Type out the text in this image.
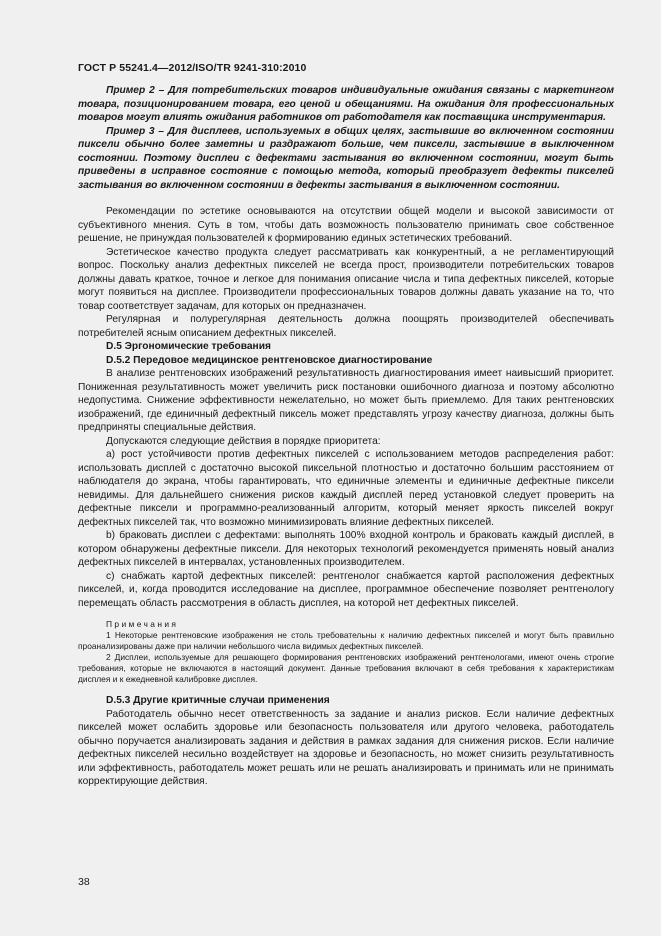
ГОСТ Р 55241.4—2012/ISO/TR 9241-310:2010

Пример 2 – Для потребительских товаров индивидуальные ожидания связаны с маркетингом товара, позиционированием товара, его ценой и обещаниями. На ожидания для профессиональных товаров могут влиять ожидания работников от работодателя как поставщика инструментария.

Пример 3 – Для дисплеев, используемых в общих целях, застывшие во включенном состоянии пиксели обычно более заметны и раздражают больше, чем пиксели, застывшие в выключенном состоянии. Поэтому дисплеи с дефектами застывания во включенном состоянии, могут быть приведены в исправное состояние с помощью метода, который преобразует дефекты пикселей застывания во включенном состоянии в дефекты застывания в выключенном состоянии.

Рекомендации по эстетике основываются на отсутствии общей модели и высокой зависимости от субъективного мнения. Суть в том, чтобы дать возможность пользователю принимать свое собственное решение, не принуждая пользователей к формированию единых эстетических требований.

Эстетическое качество продукта следует рассматривать как конкурентный, а не регламентирующий вопрос. Поскольку анализ дефектных пикселей не всегда прост, производители потребительских товаров должны давать краткое, точное и легкое для понимания описание числа и типа дефектных пикселей, которые могут появиться на дисплее. Производители профессиональных товаров должны давать указание на то, что товар соответствует задачам, для которых он предназначен.

Регулярная и полурегулярная деятельность должна поощрять производителей обеспечивать потребителей ясным описанием дефектных пикселей.

D.5 Эргономические требования

D.5.2 Передовое медицинское рентгеновское диагностирование

В анализе рентгеновских изображений результативность диагностирования имеет наивысший приоритет. Пониженная результативность может увеличить риск постановки ошибочного диагноза и поэтому абсолютно недопустима. Снижение эффективности нежелательно, но может быть приемлемо. Для таких рентгеновских изображений, где единичный дефектный пиксель может представлять угрозу качеству диагноза, должны быть предприняты специальные действия.

Допускаются следующие действия в порядке приоритета:

a) рост устойчивости против дефектных пикселей с использованием методов распределения работ: использовать дисплей с достаточно высокой пиксельной плотностью и достаточно большим расстоянием от наблюдателя до экрана, чтобы гарантировать, что единичные элементы и единичные дефектные пиксели невидимы. Для дальнейшего снижения рисков каждый дисплей перед установкой следует проверить на дефектные пиксели и программно-реализованный алгоритм, который меняет яркость пикселей вокруг дефектных пикселей так, что возможно минимизировать влияние дефектных пикселей.

b) браковать дисплеи с дефектами: выполнять 100% входной контроль и браковать каждый дисплей, в котором обнаружены дефектные пиксели. Для некоторых технологий рекомендуется применять новый анализ дефектных пикселей в интервалах, установленных производителем.

c) снабжать картой дефектных пикселей: рентгенолог снабжается картой расположения дефектных пикселей, и, когда проводится исследование на дисплее, программное обеспечение позволяет рентгенологу перемещать область рассмотрения в область дисплея, на которой нет дефектных пикселей.

Примечания

1 Некоторые рентгеновские изображения не столь требовательны к наличию дефектных пикселей и могут быть правильно проанализированы даже при наличии небольшого числа видимых дефектных пикселей.

2 Дисплеи, используемые для решающего формирования рентгеновских изображений рентгенологами, имеют очень строгие требования, которые не включаются в настоящий документ. Данные требования включают в себя требования к характеристикам дисплея и к ежедневной калибровке дисплея.

D.5.3 Другие критичные случаи применения

Работодатель обычно несет ответственность за задание и анализ рисков. Если наличие дефектных пикселей может ослабить здоровье или безопасность пользователя или другого человека, работодатель обычно поручается анализировать задания и действия в рамках задания для снижения рисков. Если наличие дефектных пикселей несильно воздействует на здоровье и безопасность, но может снизить результативность или эффективность, работодатель может решать или не решать анализировать и принимать или не принимать корректирующие действия.

38
